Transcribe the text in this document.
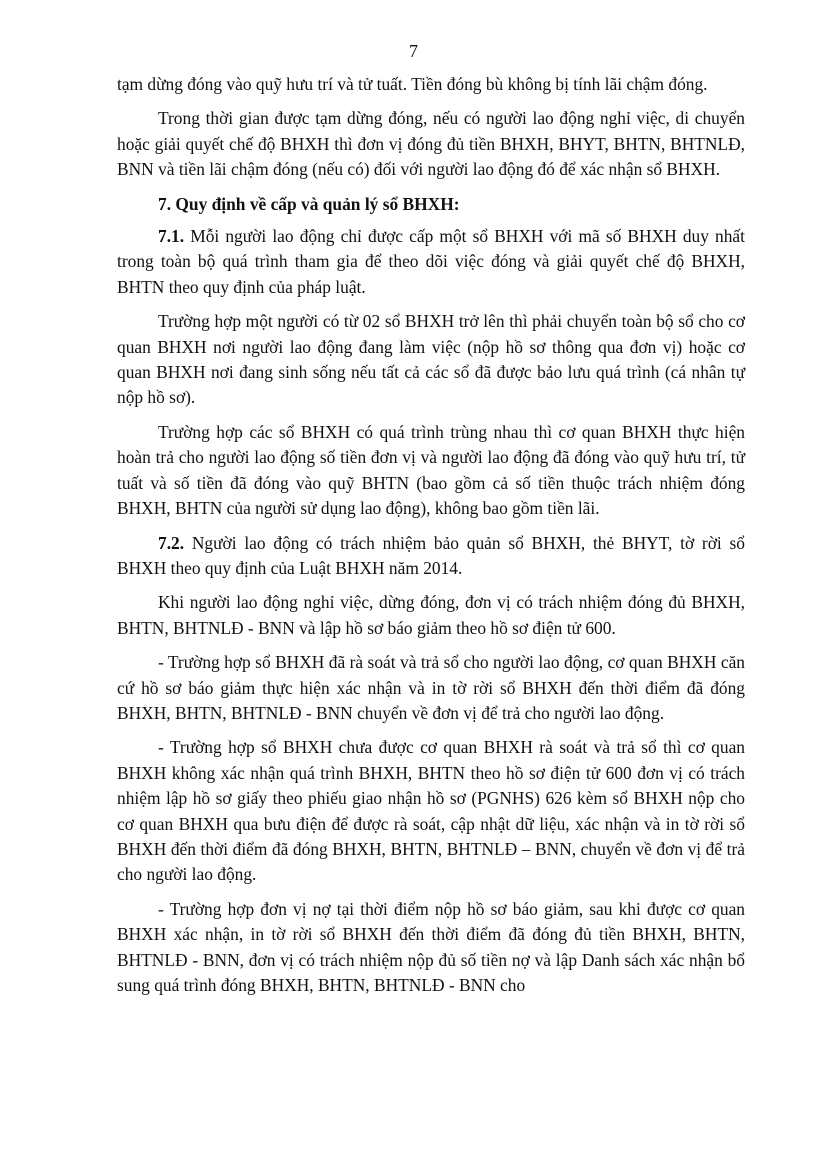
7

tạm dừng đóng vào quỹ hưu trí và tử tuất. Tiền đóng bù không bị tính lãi chậm đóng.

Trong thời gian được tạm dừng đóng, nếu có người lao động nghỉ việc, di chuyển hoặc giải quyết chế độ BHXH thì đơn vị đóng đủ tiền BHXH, BHYT, BHTN, BHTNLĐ, BNN và tiền lãi chậm đóng (nếu có) đối với người lao động đó để xác nhận sổ BHXH.

7. Quy định về cấp và quản lý sổ BHXH:

7.1. Mỗi người lao động chỉ được cấp một sổ BHXH với mã số BHXH duy nhất trong toàn bộ quá trình tham gia để theo dõi việc đóng và giải quyết chế độ BHXH, BHTN theo quy định của pháp luật.

Trường hợp một người có từ 02 sổ BHXH trở lên thì phải chuyển toàn bộ sổ cho cơ quan BHXH nơi người lao động đang làm việc (nộp hồ sơ thông qua đơn vị) hoặc cơ quan BHXH nơi đang sinh sống nếu tất cả các sổ đã được bảo lưu quá trình (cá nhân tự nộp hồ sơ).

Trường hợp các sổ BHXH có quá trình trùng nhau thì cơ quan BHXH thực hiện hoàn trả cho người lao động số tiền đơn vị và người lao động đã đóng vào quỹ hưu trí, tử tuất và số tiền đã đóng vào quỹ BHTN (bao gồm cả số tiền thuộc trách nhiệm đóng BHXH, BHTN của người sử dụng lao động), không bao gồm tiền lãi.

7.2. Người lao động có trách nhiệm bảo quản sổ BHXH, thẻ BHYT, tờ rời sổ BHXH theo quy định của Luật BHXH năm 2014.

Khi người lao động nghỉ việc, dừng đóng, đơn vị có trách nhiệm đóng đủ BHXH, BHTN, BHTNLĐ - BNN và lập hồ sơ báo giảm theo hồ sơ điện tử 600.

- Trường hợp sổ BHXH đã rà soát và trả sổ cho người lao động, cơ quan BHXH căn cứ hồ sơ báo giảm thực hiện xác nhận và in tờ rời sổ BHXH đến thời điểm đã đóng BHXH, BHTN, BHTNLĐ - BNN chuyển về đơn vị để trả cho người lao động.

- Trường hợp sổ BHXH chưa được cơ quan BHXH rà soát và trả sổ thì cơ quan BHXH không xác nhận quá trình BHXH, BHTN theo hồ sơ điện tử 600 đơn vị có trách nhiệm lập hồ sơ giấy theo phiếu giao nhận hồ sơ (PGNHS) 626 kèm sổ BHXH nộp cho cơ quan BHXH qua bưu điện để được rà soát, cập nhật dữ liệu, xác nhận và in tờ rời sổ BHXH đến thời điểm đã đóng BHXH, BHTN, BHTNLĐ – BNN, chuyển về đơn vị để trả cho người lao động.

- Trường hợp đơn vị nợ tại thời điểm nộp hồ sơ báo giảm, sau khi được cơ quan BHXH xác nhận, in tờ rời sổ BHXH đến thời điểm đã đóng đủ tiền BHXH, BHTN, BHTNLĐ - BNN, đơn vị có trách nhiệm nộp đủ số tiền nợ và lập Danh sách xác nhận bổ sung quá trình đóng BHXH, BHTN, BHTNLĐ - BNN cho
